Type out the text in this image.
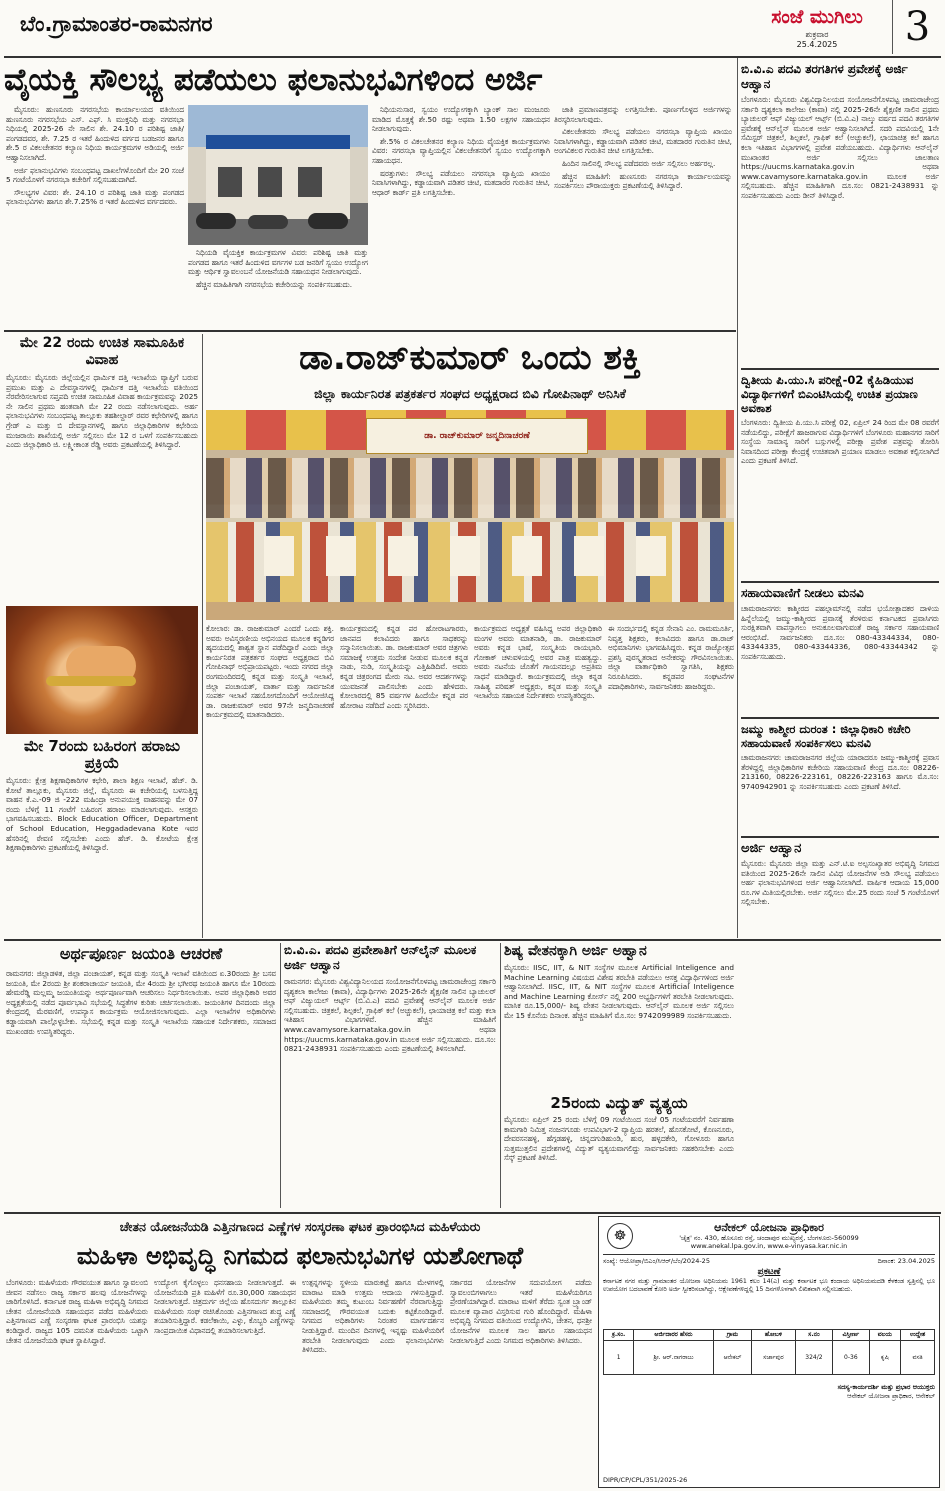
ಬೆಂ.ಗ್ರಾಮಾಂತರ-ರಾಮನಗರ	ಸಂಜೆ ಮುಗಿಲು
ಶುಕ್ರವಾರ
25.4.2025	3
ವೈಯಕ್ತಿ ಸೌಲಭ್ಯ ಪಡೆಯಲು ಫಲಾನುಭವಿಗಳಿಂದ ಅರ್ಜಿ

ಮೈಸೂರು: ಹುಣಸೂರು ನಗರಸಭೆಯ ಕಾರ್ಯಾಲಯದ ವತಿಯಿಂದ ಹುಣಸೂರು ನಗರಸಭೆಯ ಎಸ್. ಎಫ್. ಸಿ ಮುಕ್ತನಿಧಿ ಮತ್ತು ನಗರಸಭಾ ನಿಧಿಯಲ್ಲಿ 2025-26 ನೇ ಸಾಲಿನ ಶೇ. 24.10 ರ ಪರಿಶಿಷ್ಟ ಜಾತಿ/ಪಂಗಡದವರ, ಶೇ. 7.25 ರ ಇತರೆ ಹಿಂದುಳಿದ ವರ್ಗದ ಬಡಜನರ ಹಾಗೂ ಶೇ.5 ರ ವಿಕಲಚೇತನರ ಕಲ್ಯಾಣ ನಿಧಿಯ ಕಾರ್ಯಕ್ರಮಗಳ ಅಡಿಯಲ್ಲಿ ಅರ್ಜಿ ಆಹ್ವಾನಿಸಲಾಗಿದೆ.

ಅರ್ಜಿ ಫಲಾನುಭವಿಗಳು ಸಂಬಂಧಪಟ್ಟ ದಾಖಲೆಗಳೊಂದಿಗೆ ಮೇ 20 ಸಂಜೆ 5 ಗಂಟೆಯೊಳಗೆ ನಗರಸಭಾ ಕಚೇರಿಗೆ ಸಲ್ಲಿಸಬಹುದಾಗಿದೆ.

ಸೌಲಭ್ಯಗಳ ವಿವರ: ಶೇ. 24.10 ರ ಪರಿಶಿಷ್ಟ ಜಾತಿ ಮತ್ತು ಪಂಗಡದ ಫಲಾನುಭವಿಗಳು ಹಾಗೂ ಶೇ.7.25% ರ ಇತರೆ ಹಿಂದುಳಿದ ವರ್ಗದವರು.

ನಿಧಿಯಡಿ ವೈಯಕ್ತಿಕ ಕಾರ್ಯಕ್ರಮಗಳ ವಿವರ: ಪರಿಶಿಷ್ಟ ಜಾತಿ ಮತ್ತು ಪಂಗಡದ ಹಾಗೂ ಇತರೆ ಹಿಂದುಳಿದ ವರ್ಗಗಳ ಬಡ ಜನರಿಗೆ ಸ್ವಯಂ ಉದ್ಯೋಗ ಮತ್ತು ಆರ್ಥಿಕ ಸ್ವಾವಲಂಬನೆ ಯೋಜನೆಯಡಿ ಸಹಾಯಧನ ನೀಡಲಾಗುವುದು.

ಹೆಚ್ಚಿನ ಮಾಹಿತಿಗಾಗಿ ನಗರಸಭೆಯ ಕಚೇರಿಯನ್ನು ಸಂಪರ್ಕಿಸಬಹುದು.

ನಿಧಿಯನುಸಾರ, ಸ್ವಯಂ ಉದ್ಯೋಗಕ್ಕಾಗಿ ಬ್ಯಾಂಕ್ ಸಾಲ ಮಂಜೂರು ಮಾಡಿದ ಮೊತ್ತಕ್ಕೆ ಶೇ.50 ರಷ್ಟು ಅಥವಾ 1.50 ಲಕ್ಷಗಳ ಸಹಾಯಧನ ನೀಡಲಾಗುವುದು.

ಶೇ.5% ರ ವಿಕಲಚೇತನರ ಕಲ್ಯಾಣ ನಿಧಿಯ ವೈಯಕ್ತಿಕ ಕಾರ್ಯಕ್ರಮಗಳು ವಿವರ: ನಗರಸಭಾ ವ್ಯಾಪ್ತಿಯಲ್ಲಿನ ವಿಕಲಚೇತನರಿಗೆ ಸ್ವಯಂ ಉದ್ಯೋಗಕ್ಕಾಗಿ ಸಹಾಯಧನ.

ಷರತ್ತುಗಳು: ಸೌಲಭ್ಯ ಪಡೆಯಲು ನಗರಸಭಾ ವ್ಯಾಪ್ತಿಯ ಖಾಯಂ ನಿವಾಸಿಗಳಾಗಿದ್ದು, ಕಡ್ಡಾಯವಾಗಿ ಪಡಿತರ ಚೀಟಿ, ಮತದಾರರ ಗುರುತಿನ ಚೀಟಿ, ಆಧಾರ್ ಕಾರ್ಡ್ ಪ್ರತಿ ಲಗತ್ತಿಸಬೇಕು.

ಜಾತಿ ಪ್ರಮಾಣಪತ್ರವನ್ನು ಲಗತ್ತಿಸಬೇಕು. ಪೂರ್ಣಗೊಳ್ಳದ ಅರ್ಜಿಗಳನ್ನು ತಿರಸ್ಕರಿಸಲಾಗುವುದು.

ವಿಕಲಚೇತನರು ಸೌಲಭ್ಯ ಪಡೆಯಲು ನಗರಸಭಾ ವ್ಯಾಪ್ತಿಯ ಖಾಯಂ ನಿವಾಸಿಗಳಾಗಿದ್ದು, ಕಡ್ಡಾಯವಾಗಿ ಪಡಿತರ ಚೀಟಿ, ಮತದಾರರ ಗುರುತಿನ ಚೀಟಿ, ಅಂಗವಿಕಲರ ಗುರುತಿನ ಚೀಟಿ ಲಗತ್ತಿಸಬೇಕು.

ಹಿಂದಿನ ಸಾಲಿನಲ್ಲಿ ಸೌಲಭ್ಯ ಪಡೆದವರು ಅರ್ಜಿ ಸಲ್ಲಿಸಲು ಅರ್ಹರಲ್ಲ.

ಹೆಚ್ಚಿನ ಮಾಹಿತಿಗೆ: ಹುಣಸೂರು ನಗರಸಭಾ ಕಾರ್ಯಾಲಯವನ್ನು ಸಂಪರ್ಕಿಸಲು ಪೌರಾಯುಕ್ತರು ಪ್ರಕಟಣೆಯಲ್ಲಿ ತಿಳಿಸಿದ್ದಾರೆ.

ಬಿ.ವಿ.ಎ ಪದವಿ ತರಗತಿಗಳ ಪ್ರವೇಶಕ್ಕೆ ಅರ್ಜಿ ಆಹ್ವಾನ
ಬೆಂಗಳೂರು: ಮೈಸೂರು ವಿಶ್ವವಿದ್ಯಾನಿಲಯದ ಸಂಯೋಜನೆಗೊಳಪಟ್ಟ ಚಾಮರಾಜೇಂದ್ರ ಸರ್ಕಾರಿ ದೃಶ್ಯಕಲಾ ಕಾಲೇಜು (ಕಾವಾ) ನಲ್ಲಿ 2025-26ನೇ ಶೈಕ್ಷಣಿಕ ಸಾಲಿನ ಪ್ರಥಮ ಬ್ಯಾಚುಲರ್ ಆಫ್ ವಿಜ್ಯುಯಲ್ ಆರ್ಟ್ಸ್ (ಬಿ.ವಿ.ಎ) ನಾಲ್ಕು ವರ್ಷದ ಪದವಿ ತರಗತಿಗಳ ಪ್ರವೇಶಕ್ಕೆ ಆನ್‍ಲೈನ್ ಮೂಲಕ ಅರ್ಜಿ ಆಹ್ವಾನಿಸಲಾಗಿದೆ. ಸದರಿ ಪದವಿಯಲ್ಲಿ 1ನೇ ಸೆಮಿಸ್ಟರ್ ಚಿತ್ರಕಲೆ, ಶಿಲ್ಪಕಲೆ, ಗ್ರಾಫಿಕ್ ಕಲೆ (ಅಚ್ಚುಕಲೆ), ಛಾಯಾಚಿತ್ರ ಕಲೆ ಹಾಗೂ ಕಲಾ ಇತಿಹಾಸ ವಿಭಾಗಗಳಲ್ಲಿ ಪ್ರವೇಶ ಪಡೆಯಬಹುದು. ವಿದ್ಯಾರ್ಥಿಗಳು ಆನ್‍ಲೈನ್ ಮುಖಾಂತರ ಅರ್ಜಿ ಸಲ್ಲಿಸಲು ಜಾಲತಾಣ https://uucms.karnataka.gov.in ಅಥವಾ www.cavamysore.karnataka.gov.in ಮೂಲಕ ಅರ್ಜಿ ಸಲ್ಲಿಸಬಹುದು. ಹೆಚ್ಚಿನ ಮಾಹಿತಿಗಾಗಿ ದೂ.ಸಂ: 0821-2438931 ನ್ನು ಸಂಪರ್ಕಿಸಬಹುದು ಎಂದು ಡೀನ್ ತಿಳಿಸಿದ್ದಾರೆ.
ದ್ವಿತೀಯ ಪಿ.ಯು.ಸಿ ಪರೀಕ್ಷೆ-02 ಕೈಹಿಡಿಯುವ ವಿದ್ಯಾರ್ಥಿಗಳಿಗೆ ಬಿಎಂಟಿಸಿಯಲ್ಲಿ ಉಚಿತ ಪ್ರಯಾಣ ಅವಕಾಶ
ಬೆಂಗಳೂರು: ದ್ವಿತೀಯ ಪಿ.ಯು.ಸಿ ಪರೀಕ್ಷೆ 02, ಏಪ್ರಿಲ್ 24 ರಿಂದ ಮೇ 08 ರವರೆಗೆ ನಡೆಯಲಿದ್ದು, ಪರೀಕ್ಷೆಗೆ ಹಾಜರಾಗುವ ವಿದ್ಯಾರ್ಥಿಗಳಿಗೆ ಬೆಂಗಳೂರು ಮಹಾನಗರ ಸಾರಿಗೆ ಸಂಸ್ಥೆಯ ಸಾಮಾನ್ಯ ಸಾರಿಗೆ ಬಸ್ಸುಗಳಲ್ಲಿ ಪರೀಕ್ಷಾ ಪ್ರವೇಶ ಪತ್ರವನ್ನು ತೋರಿಸಿ ನಿವಾಸದಿಂದ ಪರೀಕ್ಷಾ ಕೇಂದ್ರಕ್ಕೆ ಉಚಿತವಾಗಿ ಪ್ರಯಾಣ ಮಾಡಲು ಅವಕಾಶ ಕಲ್ಪಿಸಲಾಗಿದೆ ಎಂದು ಪ್ರಕಟಣೆ ತಿಳಿಸಿದೆ.
ಸಹಾಯವಾಣಿಗೆ ನೀಡಲು ಮನವಿ
ಚಾಮರಾಜನಗರ: ಕಾಶ್ಮೀರದ ಪಹಲ್ಗಾಮ್‍ನಲ್ಲಿ ನಡೆದ ಭಯೋತ್ಪಾದಕರ ದಾಳಿಯ ಹಿನ್ನೆಲೆಯಲ್ಲಿ ಜಮ್ಮು-ಕಾಶ್ಮೀರದ ಪ್ರವಾಸಕ್ಕೆ ತೆರಳಿರುವ ಕರ್ನಾಟಕದ ಪ್ರವಾಸಿಗರು ಸುರಕ್ಷಿತವಾಗಿ ವಾಪಸ್ಸಾಗಲು ಅನುಕೂಲವಾಗುವಂತೆ ರಾಜ್ಯ ಸರ್ಕಾರ ಸಹಾಯವಾಣಿ ಆರಂಭಿಸಿದೆ. ಸಾರ್ವಜನಿಕರು ದೂ.ಸಂ: 080-43344334, 080-43344335, 080-43344336, 080-43344342 ನ್ನು ಸಂಪರ್ಕಿಸಬಹುದು.
ಜಮ್ಮು ಕಾಶ್ಮೀರ ದುರಂತ : ಜಿಲ್ಲಾಧಿಕಾರಿ ಕಚೇರಿ ಸಹಾಯವಾಣಿ ಸಂಪರ್ಕಿಸಲು ಮನವಿ
ಚಾಮರಾಜನಗರ: ಚಾಮರಾಜನಗರ ಜಿಲ್ಲೆಯ ಯಾರಾದರೂ ಜಮ್ಮು-ಕಾಶ್ಮೀರಕ್ಕೆ ಪ್ರವಾಸ ತೆರಳಿದ್ದಲ್ಲಿ ಜಿಲ್ಲಾಧಿಕಾರಿಗಳ ಕಚೇರಿಯ ಸಹಾಯವಾಣಿ ಕೇಂದ್ರ ದೂ.ಸಂ: 08226-213160, 08226-223161, 08226-223163 ಹಾಗೂ ಮೊ.ಸಂ: 9740942901 ನ್ನು ಸಂಪರ್ಕಿಸಬಹುದು ಎಂದು ಪ್ರಕಟಣೆ ತಿಳಿಸಿದೆ.
ಅರ್ಜಿ ಆಹ್ವಾನ
ಮೈಸೂರು: ಮೈಸೂರು ಜಿಲ್ಲಾ ಮತ್ತು ಎನ್.ಟಿ.ಐ ಅಲ್ಪಸಂಖ್ಯಾತರ ಅಭಿವೃದ್ಧಿ ನಿಗಮದ ವತಿಯಿಂದ 2025-26ನೇ ಸಾಲಿನ ವಿವಿಧ ಯೋಜನೆಗಳ ಅಡಿ ಸೌಲಭ್ಯ ಪಡೆಯಲು ಅರ್ಹ ಫಲಾನುಭವಿಗಳಿಂದ ಅರ್ಜಿ ಆಹ್ವಾನಿಸಲಾಗಿದೆ. ವಾರ್ಷಿಕ ಆದಾಯ 15,000 ರೂ.ಗಳ ಮಿತಿಯಲ್ಲಿರಬೇಕು. ಅರ್ಜಿ ಸಲ್ಲಿಸಲು ಮೇ.25 ರಂದು ಸಂಜೆ 5 ಗಂಟೆಯೊಳಗೆ ಸಲ್ಲಿಸಬೇಕು.
ಮೇ 22 ರಂದು ಉಚಿತ ಸಾಮೂಹಿಕ ವಿವಾಹ
ಮೈಸೂರು: ಮೈಸೂರು ಜಿಲ್ಲೆಯಲ್ಲಿನ ಧಾರ್ಮಿಕ ದತ್ತಿ ಇಲಾಖೆಯ ವ್ಯಾಪ್ತಿಗೆ ಬರುವ ಪ್ರಮುಖ ಮತ್ತು ಎ ದೇವಸ್ಥಾನಗಳಲ್ಲಿ ಧಾರ್ಮಿಕ ದತ್ತಿ ಇಲಾಖೆಯ ವತಿಯಿಂದ ನೆರವೇರಿಸಲಾಗುವ ಸಪ್ತಪದಿ ಉಚಿತ ಸಾಮೂಹಿಕ ವಿವಾಹ ಕಾರ್ಯಕ್ರಮವನ್ನು 2025 ನೇ ಸಾಲಿನ ಪ್ರಥಮ ಹಂತವಾಗಿ ಮೇ 22 ರಂದು ನಡೆಸಲಾಗುವುದು. ಅರ್ಹ ಫಲಾನುಭವಿಗಳು ಸಂಬಂಧಪಟ್ಟ ತಾಲ್ಲೂಕು ತಹಶೀಲ್ದಾರ್ ರವರ ಕಛೇರಿಗಳಲ್ಲಿ ಹಾಗೂ ಗ್ರೇಡ್ ಎ ಮತ್ತು ಬಿ ದೇವಸ್ಥಾನಗಳಲ್ಲಿ ಹಾಗೂ ಜಿಲ್ಲಾಧಿಕಾರಿಗಳ ಕಛೇರಿಯ ಮುಜರಾಯಿ ಶಾಖೆಯಲ್ಲಿ ಅರ್ಜಿ ಸಲ್ಲಿಸಲು ಮೇ 12 ರ ಒಳಗೆ ಸಂಪರ್ಕಿಸಬಹುದು ಎಂದು ಜಿಲ್ಲಾಧಿಕಾರಿ ಜಿ. ಲಕ್ಷ್ಮೀಕಾಂತ ರೆಡ್ಡಿ ಅವರು ಪ್ರಕಟಣೆಯಲ್ಲಿ ತಿಳಿಸಿದ್ದಾರೆ.
ಮೇ 7ರಂದು ಬಹಿರಂಗ ಹರಾಜು ಪ್ರಕ್ರಿಯೆ
ಮೈಸೂರು: ಕ್ಷೇತ್ರ ಶಿಕ್ಷಣಾಧಿಕಾರಿಗಳ ಕಛೇರಿ, ಶಾಲಾ ಶಿಕ್ಷಣ ಇಲಾಖೆ, ಹೆಚ್. ಡಿ. ಕೋಟೆ ತಾಲ್ಲೂಕು, ಮೈಸೂರು ಜಿಲ್ಲೆ, ಮೈಸೂರು ಈ ಕಚೇರಿಯಲ್ಲಿ ಬಳಸುತ್ತಿದ್ದ ವಾಹನ ಕೆ.ಎ.-09 ಜಿ -222 ಮಹಿಂದ್ರಾ ಅನುಪಯುಕ್ತ ವಾಹನವನ್ನು ಮೇ 07 ರಂದು ಬೆಳಿಗ್ಗೆ 11 ಗಂಟೆಗೆ ಬಹಿರಂಗ ಹರಾಜು ಮಾಡಲಾಗುವುದು. ಆಸಕ್ತರು ಭಾಗವಹಿಸಬಹುದು. Block Education Officer, Department of School Education, Heggadadevana Kote ಇವರ ಹೆಸರಿನಲ್ಲಿ ಠೇವಣಿ ಸಲ್ಲಿಸಬೇಕು ಎಂದು ಹೆಚ್. ಡಿ. ಕೋಟೆಯ ಕ್ಷೇತ್ರ ಶಿಕ್ಷಣಾಧಿಕಾರಿಗಳು ಪ್ರಕಟಣೆಯಲ್ಲಿ ತಿಳಿಸಿದ್ದಾರೆ.
ಡಾ.ರಾಜ್‌ಕುಮಾರ್ ಒಂದು ಶಕ್ತಿ
ಜಿಲ್ಲಾ ಕಾರ್ಯನಿರತ ಪತ್ರಕರ್ತರ ಸಂಘದ ಅಧ್ಯಕ್ಷರಾದ ಬಿವಿ ಗೋಪಿನಾಥ್ ಅನಿಸಿಕೆ
ಡಾ. ರಾಜ್‌ಕುಮಾರ್ ಜನ್ಮದಿನಾಚರಣೆ
ಕೋಲಾರ: ಡಾ. ರಾಜಕುಮಾರ್ ಎಂದರೆ ಒಂದು ಶಕ್ತಿ. ಅವರು ಅವಿಸ್ಮರಣೀಯ ಅಭಿನಯದ ಮೂಲಕ ಕನ್ನಡಿಗರ ಹೃದಯದಲ್ಲಿ ಶಾಶ್ವತ ಸ್ಥಾನ ಪಡೆದಿದ್ದಾರೆ ಎಂದು ಜಿಲ್ಲಾ ಕಾರ್ಯನಿರತ ಪತ್ರಕರ್ತರ ಸಂಘದ ಅಧ್ಯಕ್ಷರಾದ ಬಿವಿ ಗೋಪಿನಾಥ್ ಅಭಿಪ್ರಾಯಪಟ್ಟರು. ಇಂದು ನಗರದ ಜಿಲ್ಲಾ ರಂಗಮಂದಿರದಲ್ಲಿ ಕನ್ನಡ ಮತ್ತು ಸಂಸ್ಕೃತಿ ಇಲಾಖೆ, ಜಿಲ್ಲಾ ಪಂಚಾಯತ್, ವಾರ್ತಾ ಮತ್ತು ಸಾರ್ವಜನಿಕ ಸಂಪರ್ಕ ಇಲಾಖೆ ಸಹಯೋಗದೊಂದಿಗೆ ಆಯೋಜಿಸಿದ್ದ ಡಾ. ರಾಜಕುಮಾರ್ ಅವರ 97ನೇ ಜನ್ಮದಿನಾಚರಣೆ ಕಾರ್ಯಕ್ರಮದಲ್ಲಿ ಮಾತನಾಡಿದರು.
ಕಾರ್ಯಕ್ರಮದಲ್ಲಿ ಕನ್ನಡ ಪರ ಹೋರಾಟಗಾರರು, ಜಾನಪದ ಕಲಾವಿದರು ಹಾಗೂ ಸಾಧಕರನ್ನು ಸನ್ಮಾನಿಸಲಾಯಿತು. ಡಾ. ರಾಜಕುಮಾರ್ ಅವರ ಚಿತ್ರಗಳು ಸಮಾಜಕ್ಕೆ ಉತ್ತಮ ಸಂದೇಶ ನೀಡುವ ಮೂಲಕ ಕನ್ನಡ ನಾಡು, ನುಡಿ, ಸಂಸ್ಕೃತಿಯನ್ನು ಎತ್ತಿಹಿಡಿದಿವೆ. ಅವರು ಕನ್ನಡ ಚಿತ್ರರಂಗದ ಮೇರು ನಟ. ಅವರ ಆದರ್ಶಗಳನ್ನು ಯುವಜನತೆ ಪಾಲಿಸಬೇಕು ಎಂದು ಹೇಳಿದರು. ಕೋಲಾರದಲ್ಲಿ 85 ವರ್ಷಗಳ ಹಿಂದೆಯೇ ಕನ್ನಡ ಪರ ಹೋರಾಟ ನಡೆದಿದೆ ಎಂದು ಸ್ಮರಿಸಿದರು.
ಕಾರ್ಯಕ್ರಮದ ಅಧ್ಯಕ್ಷತೆ ವಹಿಸಿದ್ದ ಅಪರ ಜಿಲ್ಲಾಧಿಕಾರಿ ಮಂಗಳ ಅವರು ಮಾತನಾಡಿ, ಡಾ. ರಾಜಕುಮಾರ್ ಅವರು ಕನ್ನಡ ಭಾಷೆ, ಸಂಸ್ಕೃತಿಯ ರಾಯಭಾರಿ. ಗೋಕಾಕ್ ಚಳುವಳಿಯಲ್ಲಿ ಅವರ ಪಾತ್ರ ಮಹತ್ವದ್ದು. ಅವರು ನಟನೆಯ ಜೊತೆಗೆ ಗಾಯನದಲ್ಲೂ ಅಪ್ರತಿಮ ಸಾಧನೆ ಮಾಡಿದ್ದಾರೆ. ಕಾರ್ಯಕ್ರಮದಲ್ಲಿ ಜಿಲ್ಲಾ ಕನ್ನಡ ಸಾಹಿತ್ಯ ಪರಿಷತ್ ಅಧ್ಯಕ್ಷರು, ಕನ್ನಡ ಮತ್ತು ಸಂಸ್ಕೃತಿ ಇಲಾಖೆಯ ಸಹಾಯಕ ನಿರ್ದೇಶಕರು ಉಪಸ್ಥಿತರಿದ್ದರು.
ಈ ಸಂದರ್ಭದಲ್ಲಿ ಕನ್ನಡ ಸೇನಾನಿ ಎಂ. ರಾಮಮೂರ್ತಿ, ನಿವೃತ್ತ ಶಿಕ್ಷಕರು, ಕಲಾವಿದರು ಹಾಗೂ ಡಾ.ರಾಜ್ ಅಭಿಮಾನಿಗಳು ಭಾಗವಹಿಸಿದ್ದರು. ಕನ್ನಡ ರಾಜ್ಯೋತ್ಸವ ಪ್ರಶಸ್ತಿ ಪುರಸ್ಕೃತರಾದ ಅನೇಕರನ್ನು ಗೌರವಿಸಲಾಯಿತು. ಜಿಲ್ಲಾ ವಾರ್ತಾಧಿಕಾರಿ ಸ್ವಾಗತಿಸಿ, ಶಿಕ್ಷಕರು ನಿರೂಪಿಸಿದರು. ಕನ್ನಡಪರ ಸಂಘಟನೆಗಳ ಪದಾಧಿಕಾರಿಗಳು, ಸಾರ್ವಜನಿಕರು ಹಾಜರಿದ್ದರು.
ಅರ್ಥಪೂರ್ಣ ಜಯಂತಿ ಆಚರಣೆ
ರಾಮನಗರ: ಜಿಲ್ಲಾಡಳಿತ, ಜಿಲ್ಲಾ ಪಂಚಾಯತ್, ಕನ್ನಡ ಮತ್ತು ಸಂಸ್ಕೃತಿ ಇಲಾಖೆ ವತಿಯಿಂದ ಏ.30ರಂದು ಶ್ರೀ ಬಸವ ಜಯಂತಿ, ಮೇ 2ರಂದು ಶ್ರೀ ಶಂಕರಾಚಾರ್ಯ ಜಯಂತಿ, ಮೇ 4ರಂದು ಶ್ರೀ ಭಗೀರಥ ಜಯಂತಿ ಹಾಗೂ ಮೇ 10ರಂದು ಹೇಮರೆಡ್ಡಿ ಮಲ್ಲಮ್ಮ ಜಯಂತಿಯನ್ನು ಅರ್ಥಪೂರ್ಣವಾಗಿ ಆಚರಿಸಲು ನಿರ್ಧರಿಸಲಾಯಿತು. ಅಪರ ಜಿಲ್ಲಾಧಿಕಾರಿ ಅವರ ಅಧ್ಯಕ್ಷತೆಯಲ್ಲಿ ನಡೆದ ಪೂರ್ವಭಾವಿ ಸಭೆಯಲ್ಲಿ ಸಿದ್ಧತೆಗಳ ಕುರಿತು ಚರ್ಚಿಸಲಾಯಿತು. ಜಯಂತಿಗಳ ದಿನದಂದು ಜಿಲ್ಲಾ ಕೇಂದ್ರದಲ್ಲಿ ಮೆರವಣಿಗೆ, ಉಪನ್ಯಾಸ ಕಾರ್ಯಕ್ರಮ ಆಯೋಜಿಸಲಾಗುವುದು. ಎಲ್ಲಾ ಇಲಾಖೆಗಳ ಅಧಿಕಾರಿಗಳು ಕಡ್ಡಾಯವಾಗಿ ಪಾಲ್ಗೊಳ್ಳಬೇಕು. ಸಭೆಯಲ್ಲಿ ಕನ್ನಡ ಮತ್ತು ಸಂಸ್ಕೃತಿ ಇಲಾಖೆಯ ಸಹಾಯಕ ನಿರ್ದೇಶಕರು, ಸಮಾಜದ ಮುಖಂಡರು ಉಪಸ್ಥಿತರಿದ್ದರು.
ಬಿ.ವಿ.ಎ. ಪದವಿ ಪ್ರವೇಶಾತಿಗೆ ಆನ್‍ಲೈನ್ ಮೂಲಕ ಅರ್ಜಿ ಆಹ್ವಾನ
ರಾಮನಗರ: ಮೈಸೂರು ವಿಶ್ವವಿದ್ಯಾನಿಲಯದ ಸಂಯೋಜನೆಗೊಳಪಟ್ಟ ಚಾಮರಾಜೇಂದ್ರ ಸರ್ಕಾರಿ ದೃಶ್ಯಕಲಾ ಕಾಲೇಜು (ಕಾವಾ), ವಿದ್ಯಾರ್ಥಿಗಳು 2025-26ನೇ ಶೈಕ್ಷಣಿಕ ಸಾಲಿನ ಬ್ಯಾಚುಲರ್ ಆಫ್ ವಿಜ್ಯುಯಲ್ ಆರ್ಟ್ಸ್ (ಬಿ.ವಿ.ಎ) ಪದವಿ ಪ್ರವೇಶಕ್ಕೆ ಆನ್‍ಲೈನ್ ಮೂಲಕ ಅರ್ಜಿ ಸಲ್ಲಿಸಬಹುದು. ಚಿತ್ರಕಲೆ, ಶಿಲ್ಪಕಲೆ, ಗ್ರಾಫಿಕ್ ಕಲೆ (ಅಚ್ಚುಕಲೆ), ಛಾಯಾಚಿತ್ರ ಕಲೆ ಮತ್ತು ಕಲಾ ಇತಿಹಾಸ ವಿಭಾಗಗಳಿವೆ. ಹೆಚ್ಚಿನ ಮಾಹಿತಿಗೆ www.cavamysore.karnataka.gov.in ಅಥವಾ https://uucms.karnataka.gov.in ಮೂಲಕ ಅರ್ಜಿ ಸಲ್ಲಿಸಬಹುದು. ದೂ.ಸಂ: 0821-2438931 ಸಂಪರ್ಕಿಸಬಹುದು ಎಂದು ಪ್ರಕಟಣೆಯಲ್ಲಿ ತಿಳಿಸಲಾಗಿದೆ.
ಶಿಷ್ಯ ವೇತನಕ್ಕಾಗಿ ಅರ್ಜಿ ಅಹ್ವಾನ
ಮೈಸೂರು: IISC, IIT, & NIT ಸಂಸ್ಥೆಗಳ ಮೂಲಕ Artificial Inteligence and Machine Learning ವಿಷಯದ ವಿಶೇಷ ತರಬೇತಿ ಪಡೆಯಲು ಆಸಕ್ತ ವಿದ್ಯಾರ್ಥಿಗಳಿಂದ ಅರ್ಜಿ ಆಹ್ವಾನಿಸಲಾಗಿದೆ. IISC, IIT, & NIT ಸಂಸ್ಥೆಗಳ ಮೂಲಕ Artificial Inteligence and Machine Learning ಕೋರ್ಸ್ ನಲ್ಲಿ 200 ಅಭ್ಯರ್ಥಿಗಳಿಗೆ ತರಬೇತಿ ನೀಡಲಾಗುವುದು. ಮಾಸಿಕ ರೂ.15,000/- ಶಿಷ್ಯ ವೇತನ ನೀಡಲಾಗುವುದು. ಆನ್‍ಲೈನ್ ಮೂಲಕ ಅರ್ಜಿ ಸಲ್ಲಿಸಲು ಮೇ 15 ಕೊನೆಯ ದಿನಾಂಕ. ಹೆಚ್ಚಿನ ಮಾಹಿತಿಗೆ ಮೊ.ಸಂ: 9742099989 ಸಂಪರ್ಕಿಸಬಹುದು.
25ರಂದು ವಿದ್ಯುತ್ ವ್ಯತ್ಯಯ
ಮೈಸೂರು: ಏಪ್ರಿಲ್ 25 ರಂದು ಬೆಳಿಗ್ಗೆ 09 ಗಂಟೆಯಿಂದ ಸಂಜೆ 05 ಗಂಟೆಯವರೆಗೆ ನಿರ್ವಹಣಾ ಕಾಮಗಾರಿ ನಿಮಿತ್ತ ನಂಜನಗೂಡು ಉಪವಿಭಾಗ-2 ವ್ಯಾಪ್ತಿಯ ಹರತಲೆ, ಹೊಸಕೋಟೆ, ಕೊಣನೂರು, ದೇವರಸನಹಳ್ಳಿ, ಹೆಗ್ಗಡಹಳ್ಳಿ, ಚಿನ್ನದಗುಡಿಹುಂಡಿ, ಹುರ, ಹಳ್ಳದಕೇರಿ, ಗೋಳೂರು ಹಾಗೂ ಸುತ್ತಮುತ್ತಲಿನ ಪ್ರದೇಶಗಳಲ್ಲಿ ವಿದ್ಯುತ್ ವ್ಯತ್ಯಯವಾಗಲಿದ್ದು ಸಾರ್ವಜನಿಕರು ಸಹಕರಿಸಬೇಕು ಎಂದು ಸೆಸ್ಕ್ ಪ್ರಕಟಣೆ ತಿಳಿಸಿದೆ.
ಚೇತನ ಯೋಜನೆಯಡಿ ಎತ್ತಿನಗಾಣದ ಎಣ್ಣೆಗಳ ಸಂಸ್ಕರಣಾ ಘಟಕ ಪ್ರಾರಂಭಿಸಿದ ಮಹಿಳೆಯರು
ಮಹಿಳಾ ಅಭಿವೃದ್ಧಿ ನಿಗಮದ ಫಲಾನುಭವಿಗಳ ಯಶೋಗಾಥೆ
ಬೆಂಗಳೂರು: ಮಹಿಳೆಯರು ಗೌರವಯುತ ಹಾಗೂ ಸ್ವಾವಲಂಬಿ ಜೀವನ ನಡೆಸಲು ರಾಜ್ಯ ಸರ್ಕಾರ ಹಲವು ಯೋಜನೆಗಳನ್ನು ಜಾರಿಗೊಳಿಸಿದೆ. ಕರ್ನಾಟಕ ರಾಜ್ಯ ಮಹಿಳಾ ಅಭಿವೃದ್ಧಿ ನಿಗಮದ ಚೇತನ ಯೋಜನೆಯಡಿ ಸಹಾಯಧನ ಪಡೆದ ಮಹಿಳೆಯರು ಎತ್ತಿನಗಾಣದ ಎಣ್ಣೆ ಸಂಸ್ಕರಣಾ ಘಟಕ ಪ್ರಾರಂಭಿಸಿ ಯಶಸ್ಸು ಕಂಡಿದ್ದಾರೆ. ರಾಜ್ಯದ 105 ದಮನಿತ ಮಹಿಳೆಯರು ಒಟ್ಟಾಗಿ ಚೇತನ ಯೋಜನೆಯಡಿ ಘಟಕ ಸ್ಥಾಪಿಸಿದ್ದಾರೆ.
ಉದ್ಯೋಗ ಕೈಗೊಳ್ಳಲು ಧನಸಹಾಯ ನೀಡಲಾಗುತ್ತದೆ. ಈ ಯೋಜನೆಯಡಿ ಪ್ರತಿ ಮಹಿಳೆಗೆ ರೂ.30,000 ಸಹಾಯಧನ ನೀಡಲಾಗುತ್ತದೆ. ಚಿತ್ರದುರ್ಗ ಜಿಲ್ಲೆಯ ಹೊಸದುರ್ಗ ತಾಲ್ಲೂಕಿನ ಮಹಿಳೆಯರು ಸಂಘ ರಚಿಸಿಕೊಂಡು ಎತ್ತಿನಗಾಣದ ಶುದ್ಧ ಎಣ್ಣೆ ತಯಾರಿಸುತ್ತಿದ್ದಾರೆ. ಕಡಲೆಕಾಯಿ, ಎಳ್ಳು, ಕೊಬ್ಬರಿ ಎಣ್ಣೆಗಳನ್ನು ಸಾಂಪ್ರದಾಯಿಕ ವಿಧಾನದಲ್ಲಿ ತಯಾರಿಸಲಾಗುತ್ತಿದೆ.
ಉತ್ಪನ್ನಗಳನ್ನು ಸ್ಥಳೀಯ ಮಾರುಕಟ್ಟೆ ಹಾಗೂ ಮೇಳಗಳಲ್ಲಿ ಮಾರಾಟ ಮಾಡಿ ಉತ್ತಮ ಆದಾಯ ಗಳಿಸುತ್ತಿದ್ದಾರೆ. ಮಹಿಳೆಯರು ತಮ್ಮ ಕುಟುಂಬ ನಿರ್ವಹಣೆಗೆ ನೆರವಾಗುತ್ತಿದ್ದು ಸಮಾಜದಲ್ಲಿ ಗೌರವಯುತ ಬದುಕು ಕಟ್ಟಿಕೊಂಡಿದ್ದಾರೆ. ನಿಗಮದ ಅಧಿಕಾರಿಗಳು ನಿರಂತರ ಮಾರ್ಗದರ್ಶನ ನೀಡುತ್ತಿದ್ದಾರೆ. ಮುಂದಿನ ದಿನಗಳಲ್ಲಿ ಇನ್ನಷ್ಟು ಮಹಿಳೆಯರಿಗೆ ತರಬೇತಿ ನೀಡಲಾಗುವುದು ಎಂದು ಫಲಾನುಭವಿಗಳು ತಿಳಿಸಿದರು.
ಸರ್ಕಾರದ ಯೋಜನೆಗಳ ಸದುಪಯೋಗ ಪಡೆದು ಸ್ವಾವಲಂಬಿಗಳಾಗಲು ಇತರೆ ಮಹಿಳೆಯರಿಗೂ ಪ್ರೇರಣೆಯಾಗಿದ್ದಾರೆ. ಮಾರಾಟ ಮಳಿಗೆ ತೆರೆದು ಸ್ವಂತ ಬ್ರ್ಯಾಂಡ್ ಮೂಲಕ ವ್ಯಾಪಾರ ವಿಸ್ತರಿಸುವ ಗುರಿ ಹೊಂದಿದ್ದಾರೆ. ಮಹಿಳಾ ಅಭಿವೃದ್ಧಿ ನಿಗಮದ ವತಿಯಿಂದ ಉದ್ಯೋಗಿನಿ, ಚೇತನ, ಧನಶ್ರೀ ಯೋಜನೆಗಳ ಮೂಲಕ ಸಾಲ ಹಾಗೂ ಸಹಾಯಧನ ನೀಡಲಾಗುತ್ತಿದೆ ಎಂದು ನಿಗಮದ ಅಧಿಕಾರಿಗಳು ತಿಳಿಸಿದರು.
☸
ಆನೇಕಲ್ ಯೋಜನಾ ಪ್ರಾಧಿಕಾರ
'ಚೈತ್ರ' ನಂ. 430, ಹೊಸೂರು ರಸ್ತೆ, ಚಂದಾಪುರ ಮುಖ್ಯರಸ್ತೆ, ಬೆಂಗಳೂರು-560099
www.anekal.lpa.gov.in, www.e-vinyasa.kar.nic.in
ಸಂಖ್ಯೆ: ಆಯೋಪ್ರಾ/ಬಿಎಂ/ಸಿಆರ್/ಬೆಂ/2024-25	ದಿನಾಂಕ: 23.04.2025
ಪ್ರಕಟಣೆ
ಕರ್ನಾಟಕ ನಗರ ಮತ್ತು ಗ್ರಾಮಾಂತರ ಯೋಜನಾ ಅಧಿನಿಯಮ 1961 ಕಲಂ 14(ಎ) ಮತ್ತು ಕರ್ನಾಟಕ ಭೂ ಕಂದಾಯ ಅಧಿನಿಯಮದಡಿ ಕೆಳಕಂಡ ಸ್ವತ್ತಿನಲ್ಲಿ ಭೂ ಉಪಯೋಗ ಬದಲಾವಣೆ ಕೋರಿ ಅರ್ಜಿ ಸ್ವೀಕರಿಸಲಾಗಿದ್ದು, ಆಕ್ಷೇಪಣೆಗಳಿದ್ದಲ್ಲಿ 15 ದಿನಗಳೊಳಗಾಗಿ ಲಿಖಿತವಾಗಿ ಸಲ್ಲಿಸಬಹುದು.
ಕ್ರ.ಸಂ.	ಅರ್ಜಿದಾರರ ಹೆಸರು	ಗ್ರಾಮ	ಹೋಬಳಿ	ಸ.ನಂ	ವಿಸ್ತೀರ್ಣ	ವಲಯ	ಉದ್ದೇಶ
1	ಶ್ರೀ. ಆರ್.ನಾಗರಾಜು	ಆನೇಕಲ್	ಸರ್ಜಾಪುರ	324/2	0-36	ಕೃಷಿ	ವಸತಿ
ಸದಸ್ಯ-ಕಾರ್ಯದರ್ಶಿ ಮತ್ತು ಪ್ರಭಾರ ಆಯುಕ್ತರು
ಆನೇಕಲ್ ಯೋಜನಾ ಪ್ರಾಧಿಕಾರ, ಆನೇಕಲ್
DIPR/CP/CPL/351/2025-26
